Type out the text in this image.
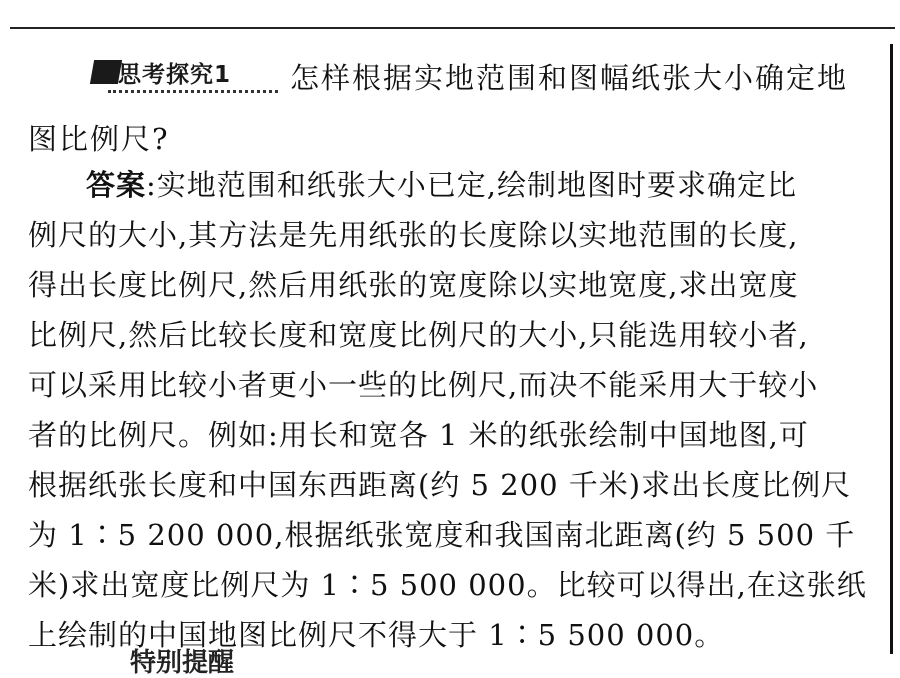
思考探究1 怎样根据实地范围和图幅纸张大小确定地
图比例尺?
答案:实地范围和纸张大小已定,绘制地图时要求确定比
例尺的大小,其方法是先用纸张的长度除以实地范围的长度,
得出长度比例尺,然后用纸张的宽度除以实地宽度,求出宽度
比例尺,然后比较长度和宽度比例尺的大小,只能选用较小者,
可以采用比较小者更小一些的比例尺,而决不能采用大于较小
者的比例尺。例如:用长和宽各 1 米的纸张绘制中国地图,可
根据纸张长度和中国东西距离(约 5 200 千米)求出长度比例尺
为 1∶5 200 000,根据纸张宽度和我国南北距离(约 5 500 千
米)求出宽度比例尺为 1∶5 500 000。比较可以得出,在这张纸
上绘制的中国地图比例尺不得大于 1∶5 500 000。
特别提醒
